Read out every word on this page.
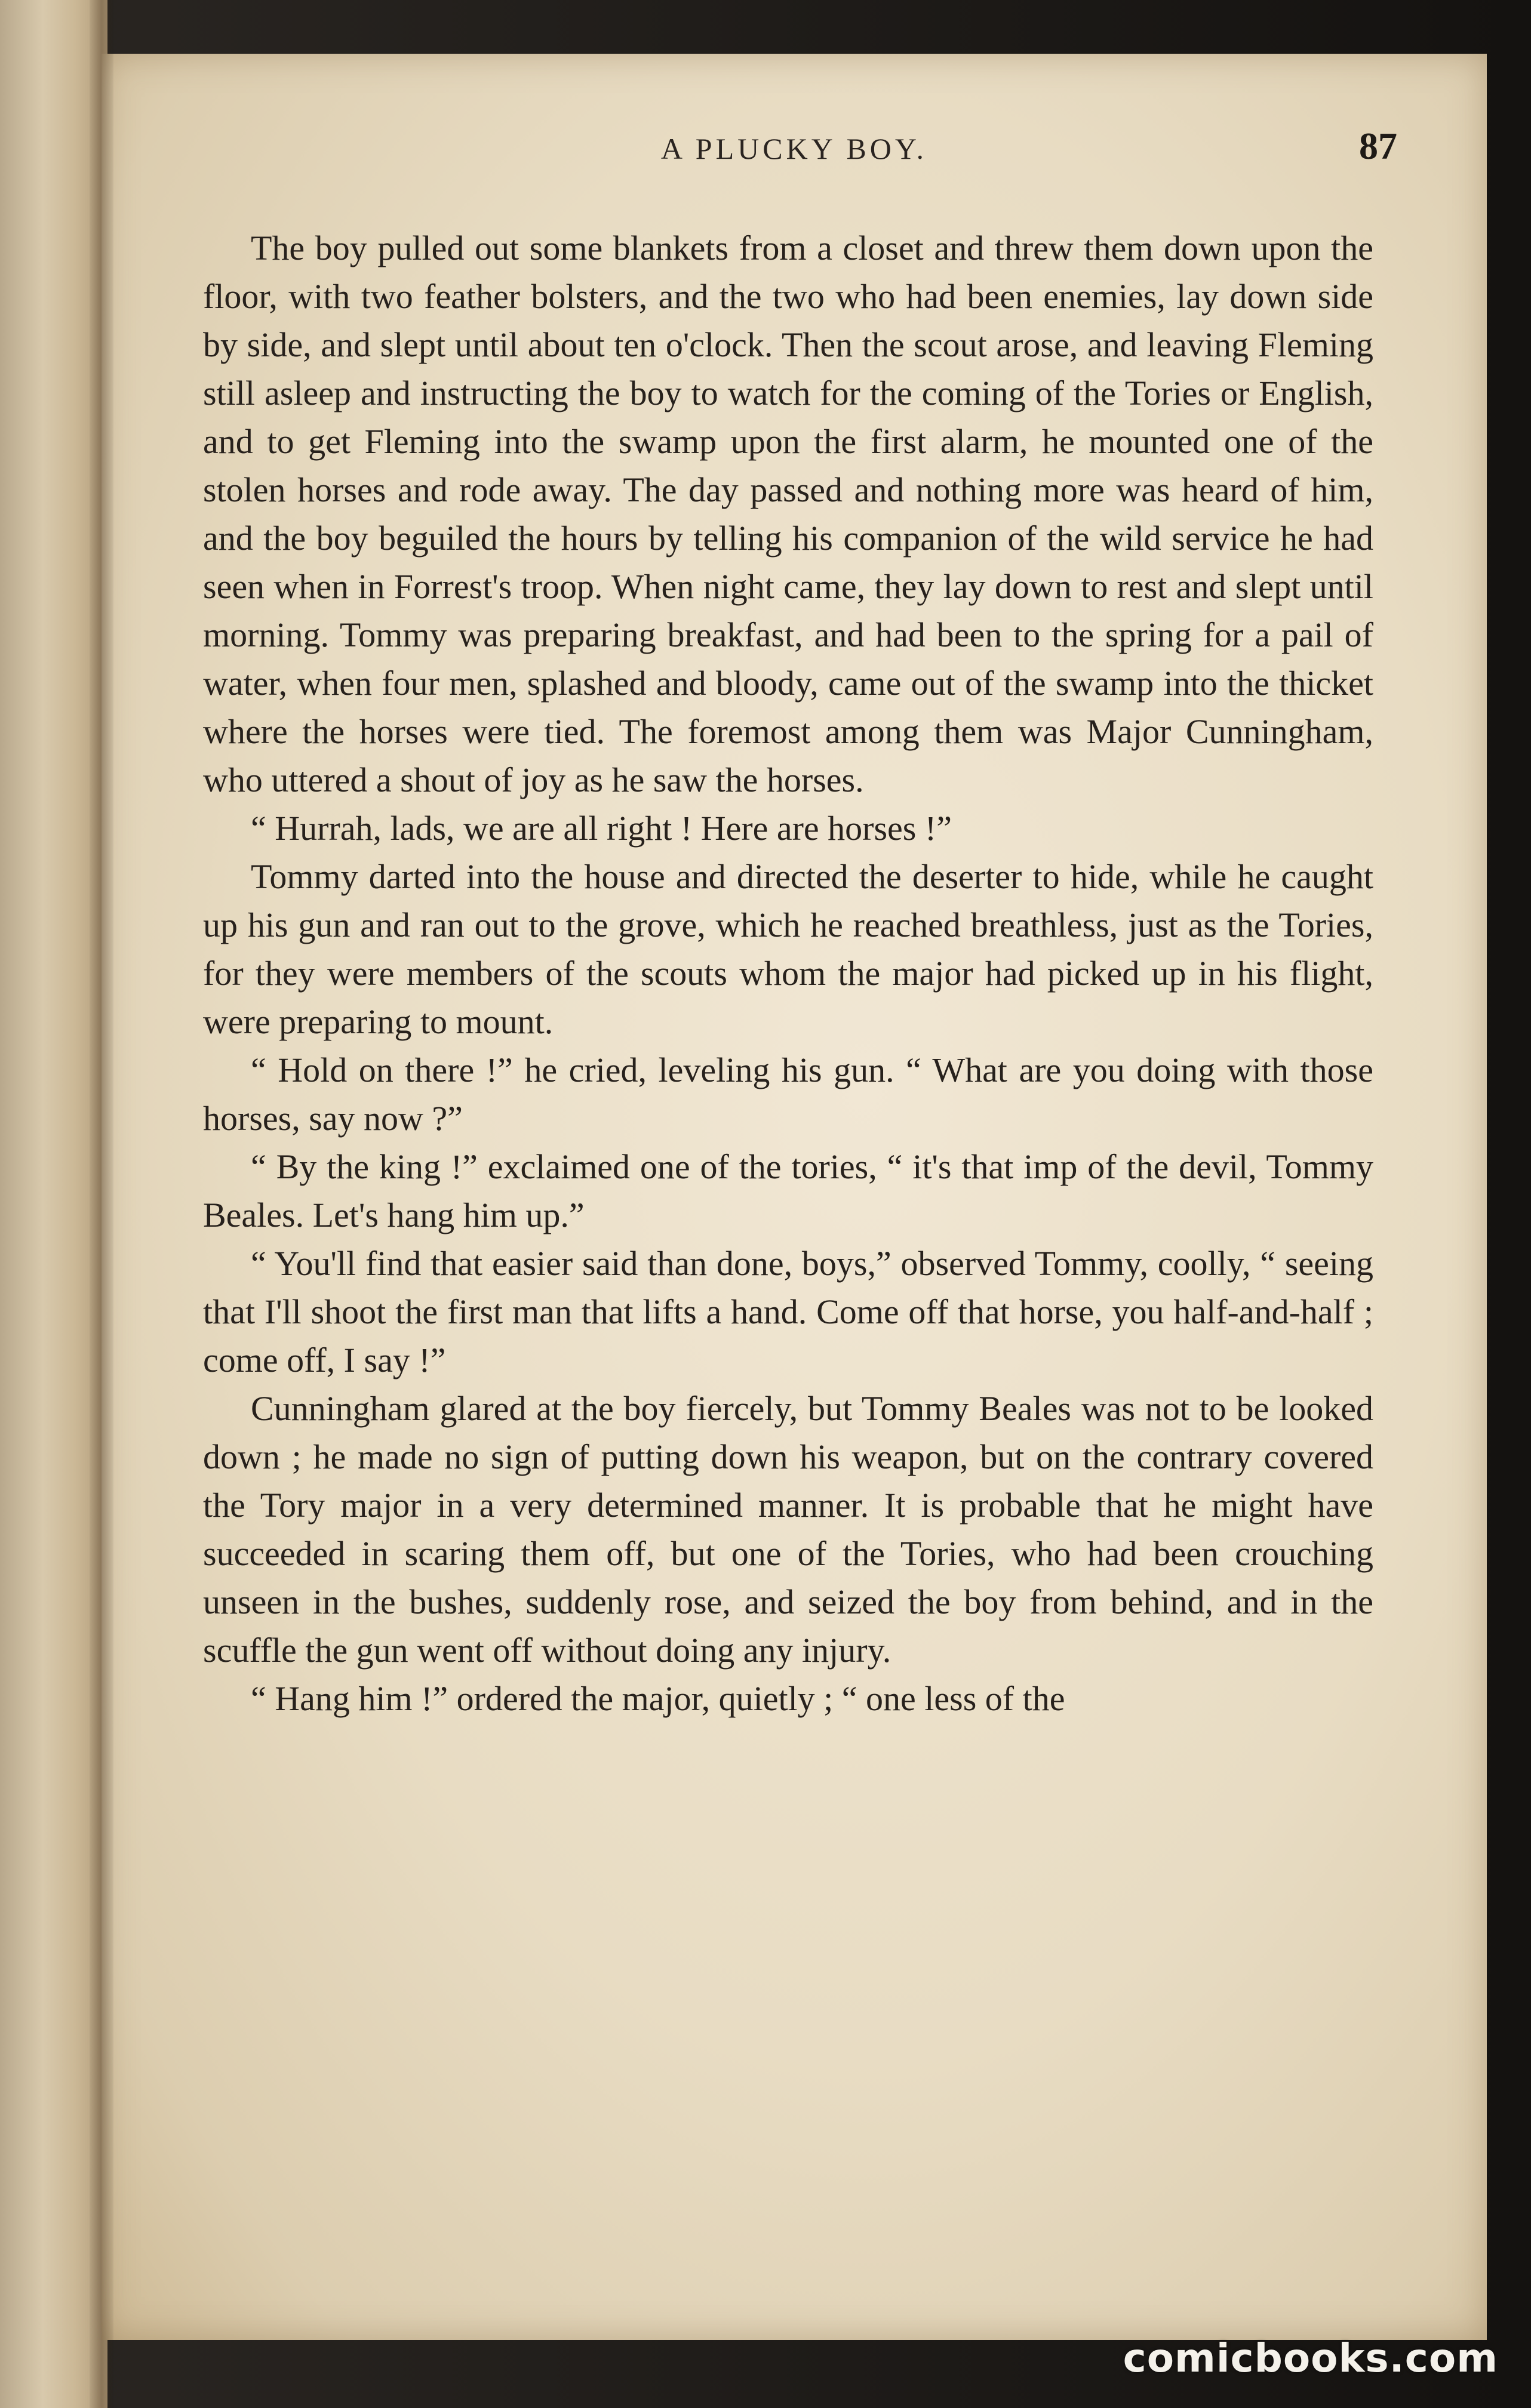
A PLUCKY BOY.	87

The boy pulled out some blankets from a closet and threw them down upon the floor, with two feather bolsters, and the two who had been enemies, lay down side by side, and slept until about ten o'clock. Then the scout arose, and leaving Fleming still asleep and instructing the boy to watch for the coming of the Tories or English, and to get Fleming into the swamp upon the first alarm, he mounted one of the stolen horses and rode away. The day passed and nothing more was heard of him, and the boy beguiled the hours by telling his companion of the wild service he had seen when in Forrest's troop. When night came, they lay down to rest and slept until morning. Tommy was preparing breakfast, and had been to the spring for a pail of water, when four men, splashed and bloody, came out of the swamp into the thicket where the horses were tied. The foremost among them was Major Cunningham, who uttered a shout of joy as he saw the horses.

“ Hurrah, lads, we are all right ! Here are horses !”

Tommy darted into the house and directed the deserter to hide, while he caught up his gun and ran out to the grove, which he reached breathless, just as the Tories, for they were members of the scouts whom the major had picked up in his flight, were preparing to mount.

“ Hold on there !” he cried, leveling his gun. “ What are you doing with those horses, say now ?”

“ By the king !” exclaimed one of the tories, “ it's that imp of the devil, Tommy Beales. Let's hang him up.”

“ You'll find that easier said than done, boys,” observed Tommy, coolly, “ seeing that I'll shoot the first man that lifts a hand. Come off that horse, you half-and-half ; come off, I say !”

Cunningham glared at the boy fiercely, but Tommy Beales was not to be looked down ; he made no sign of putting down his weapon, but on the contrary covered the Tory major in a very determined manner. It is probable that he might have succeeded in scaring them off, but one of the Tories, who had been crouching unseen in the bushes, suddenly rose, and seized the boy from behind, and in the scuffle the gun went off without doing any injury.

“ Hang him !” ordered the major, quietly ; “ one less of the

comicbooks.com
